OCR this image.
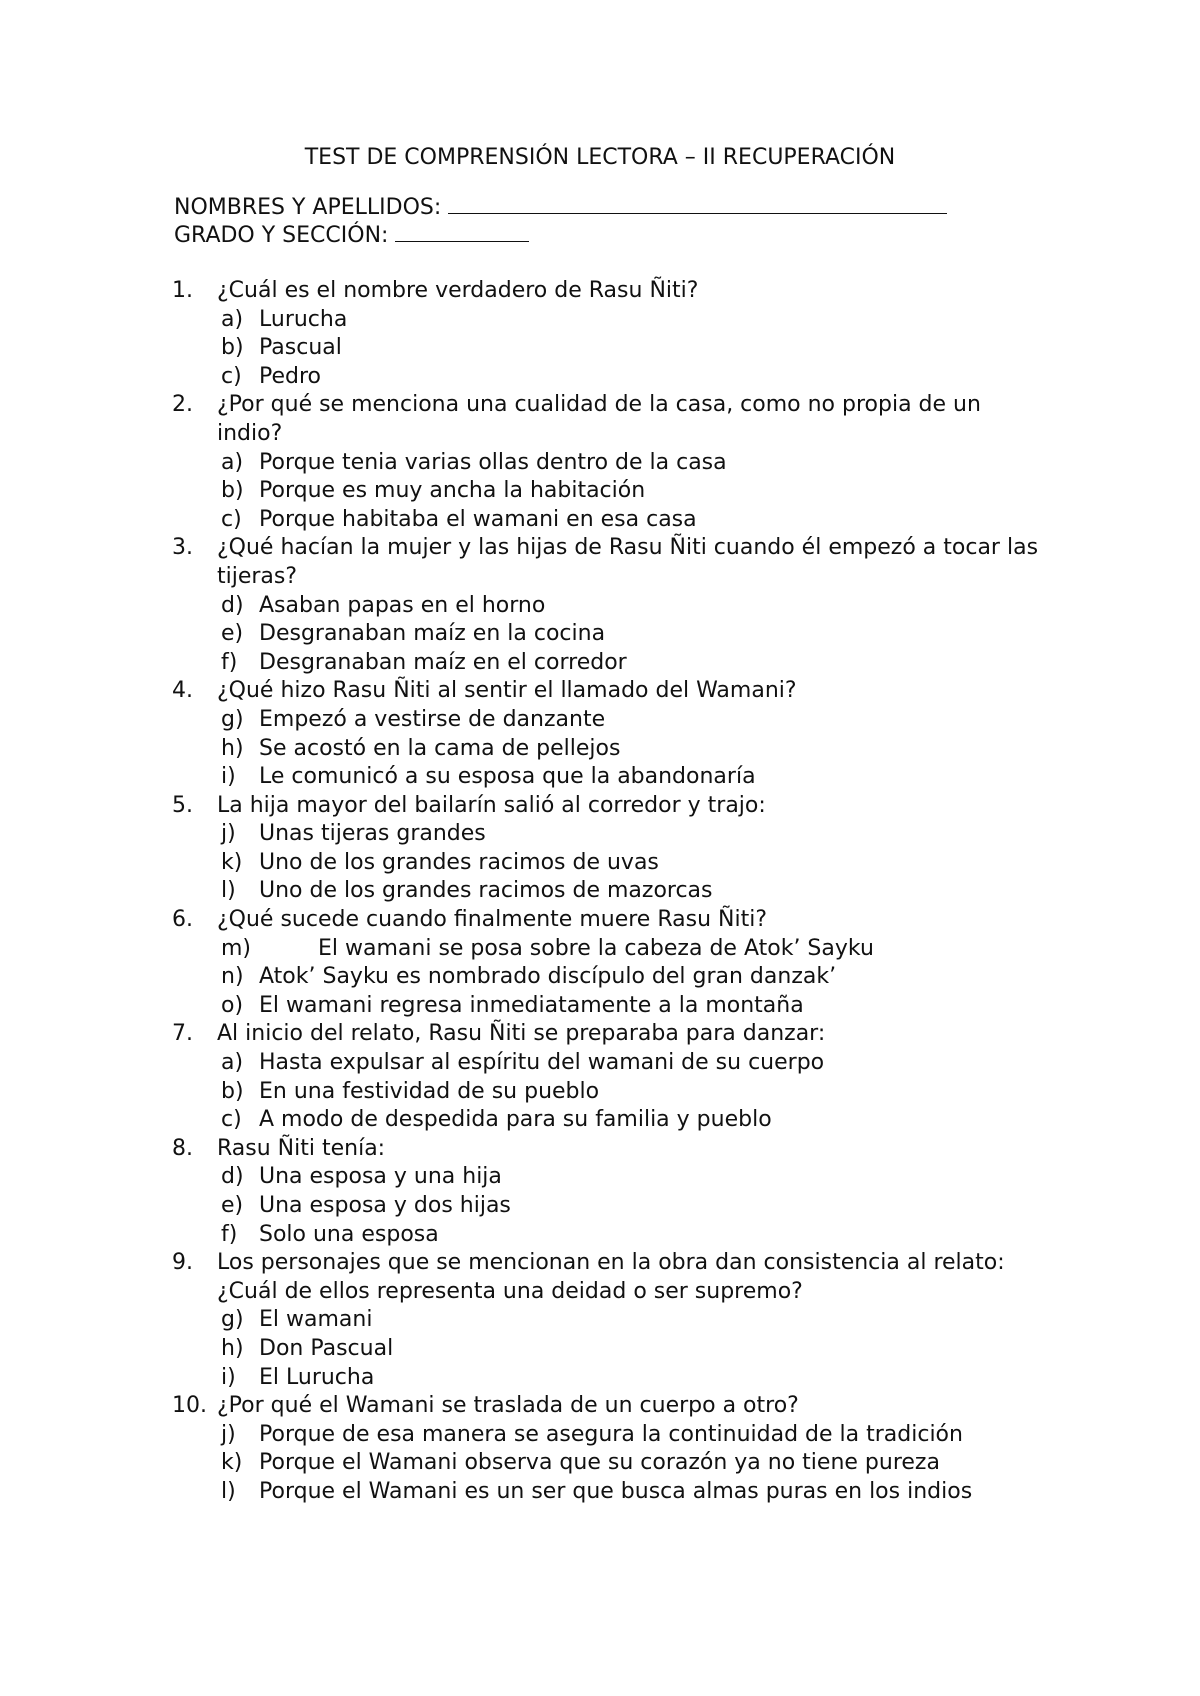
TEST DE COMPRENSIÓN LECTORA – II RECUPERACIÓN
NOMBRES Y APELLIDOS:
GRADO Y SECCIÓN:
1. ¿Cuál es el nombre verdadero de Rasu Ñiti?
a) Lurucha
b) Pascual
c) Pedro
2. ¿Por qué se menciona una cualidad de la casa, como no propia de un indio?
a) Porque tenia varias ollas dentro de la casa
b) Porque es muy ancha la habitación
c) Porque habitaba el wamani en esa casa
3. ¿Qué hacían la mujer y las hijas de Rasu Ñiti cuando él empezó a tocar las tijeras?
d) Asaban papas en el horno
e) Desgranaban maíz en la cocina
f) Desgranaban maíz en el corredor
4. ¿Qué hizo Rasu Ñiti al sentir el llamado del Wamani?
g) Empezó a vestirse de danzante
h) Se acostó en la cama de pellejos
i) Le comunicó a su esposa que la abandonaría
5. La hija mayor del bailarín salió al corredor y trajo:
j) Unas tijeras grandes
k) Uno de los grandes racimos de uvas
l) Uno de los grandes racimos de mazorcas
6. ¿Qué sucede cuando finalmente muere Rasu Ñiti?
m)	El wamani se posa sobre la cabeza de Atok’ Sayku
n) Atok’ Sayku es nombrado discípulo del gran danzak’
o) El wamani regresa inmediatamente a la montaña
7. Al inicio del relato, Rasu Ñiti se preparaba para danzar:
a) Hasta expulsar al espíritu del wamani de su cuerpo
b) En una festividad de su pueblo
c) A modo de despedida para su familia y pueblo
8. Rasu Ñiti tenía:
d) Una esposa y una hija
e) Una esposa y dos hijas
f) Solo una esposa
9. Los personajes que se mencionan en la obra dan consistencia al relato: ¿Cuál de ellos representa una deidad o ser supremo?
g) El wamani
h) Don Pascual
i) El Lurucha
10. ¿Por qué el Wamani se traslada de un cuerpo a otro?
j) Porque de esa manera se asegura la continuidad de la tradición
k) Porque el Wamani observa que su corazón ya no tiene pureza
l) Porque el Wamani es un ser que busca almas puras en los indios
